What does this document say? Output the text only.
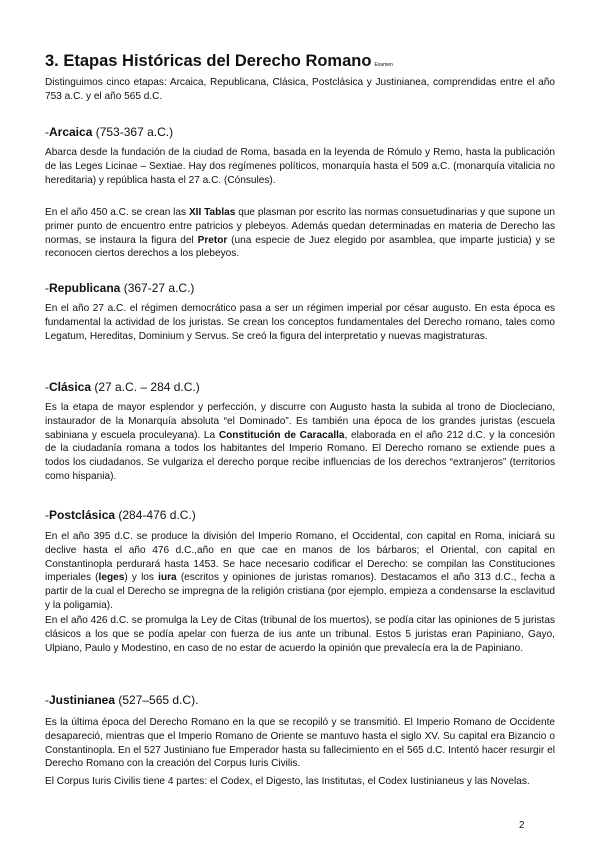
3. Etapas Históricas del Derecho Romano Examen

Distinguimos cinco etapas: Arcaica, Republicana, Clásica, Postclásica y Justinianea, comprendidas entre el año 753 a.C. y el año 565 d.C.

-Arcaica (753-367 a.C.)

Abarca desde la fundación de la ciudad de Roma, basada en la leyenda de Rómulo y Remo, hasta la publicación de las Leges Licinae – Sextiae. Hay dos regímenes políticos, monarquía hasta el 509 a.C. (monarquía vitalicia no hereditaria) y república hasta el 27 a.C. (Cónsules).

En el año 450 a.C. se crean las XII Tablas que plasman por escrito las normas consuetudinarias y que supone un primer punto de encuentro entre patricios y plebeyos. Además quedan determinadas en materia de Derecho las normas, se instaura la figura del Pretor (una especie de Juez elegido por asamblea, que imparte justicia) y se reconocen ciertos derechos a los plebeyos.

-Republicana (367-27 a.C.)

En el año 27 a.C. el régimen democrático pasa a ser un régimen imperial por césar augusto. En esta época es fundamental la actividad de los juristas. Se crean los conceptos fundamentales del Derecho romano, tales como Legatum, Hereditas, Dominium y Servus. Se creó la figura del interpretatio y nuevas magistraturas.

-Clásica (27 a.C. – 284 d.C.)

Es la etapa de mayor esplendor y perfección, y discurre con Augusto hasta la subida al trono de Diocleciano, instaurador de la Monarquía absoluta “el Dominado”. Es también una época de los grandes juristas (escuela sabiniana y escuela proculeyana). La Constitución de Caracalla, elaborada en el año 212 d.C. y la concesión de la ciudadanía romana a todos los habitantes del Imperio Romano. El Derecho romano se extiende pues a todos los ciudadanos. Se vulgariza el derecho porque recibe influencias de los derechos “extranjeros” (territorios como hispania).

-Postclásica (284-476 d.C.)

En el año 395 d.C. se produce la división del Imperio Romano, el Occidental, con capital en Roma, iniciará su declive hasta el año 476 d.C.,año en que cae en manos de los bárbaros; el Oriental, con capital en Constantinopla perdurará hasta 1453. Se hace necesario codificar el Derecho: se compilan las Constituciones imperiales (leges) y los iura (escritos y opiniones de juristas romanos). Destacamos el año 313 d.C., fecha a partir de la cual el Derecho se impregna de la religión cristiana (por ejemplo, empieza a condensarse la esclavitud y la poligamia).

En el año 426 d.C. se promulga la Ley de Citas (tribunal de los muertos), se podía citar las opiniones de 5 juristas clásicos a los que se podía apelar con fuerza de ius ante un tribunal. Estos 5 juristas eran Papiniano, Gayo, Ulpiano, Paulo y Modestino, en caso de no estar de acuerdo la opinión que prevalecía era la de Papiniano.

-Justinianea (527–565 d.C).

Es la última época del Derecho Romano en la que se recopiló y se transmitió. El Imperio Romano de Occidente desapareció, mientras que el Imperio Romano de Oriente se mantuvo hasta el siglo XV. Su capital era Bizancio o Constantinopla. En el 527 Justiniano fue Emperador hasta su fallecimiento en el 565 d.C. Intentó hacer resurgir el Derecho Romano con la creación del Corpus Iuris Civilis.

El Corpus Iuris Civilis tiene 4 partes: el Codex, el Digesto, las Institutas, el Codex Iustinianeus y las Novelas.

2
